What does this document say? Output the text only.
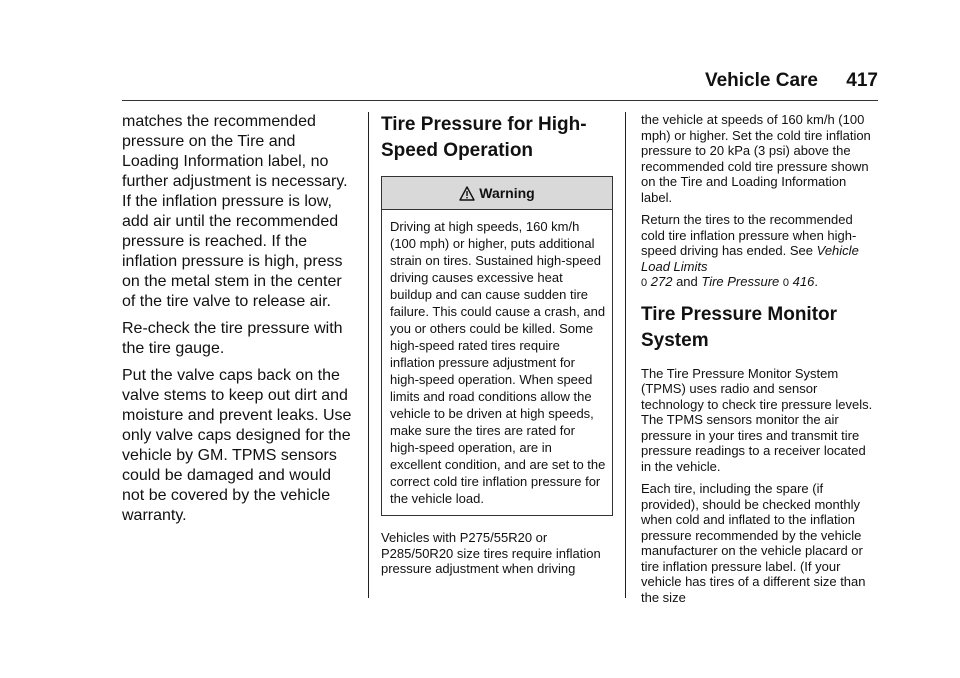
Vehicle Care 417

matches the recommended pressure on the Tire and Loading Information label, no further adjustment is necessary. If the inflation pressure is low, add air until the recommended pressure is reached. If the inflation pressure is high, press on the metal stem in the center of the tire valve to release air.

Re-check the tire pressure with the tire gauge.

Put the valve caps back on the valve stems to keep out dirt and moisture and prevent leaks. Use only valve caps designed for the vehicle by GM. TPMS sensors could be damaged and would not be covered by the vehicle warranty.

Tire Pressure for High-Speed Operation
Warning
Driving at high speeds, 160 km/h (100 mph) or higher, puts additional strain on tires. Sustained high-speed driving causes excessive heat buildup and can cause sudden tire failure. This could cause a crash, and you or others could be killed. Some high-speed rated tires require inflation pressure adjustment for high-speed operation. When speed limits and road conditions allow the vehicle to be driven at high speeds, make sure the tires are rated for high-speed operation, are in excellent condition, and are set to the correct cold tire inflation pressure for the vehicle load.

Vehicles with P275/55R20 or P285/50R20 size tires require inflation pressure adjustment when driving

the vehicle at speeds of 160 km/h (100 mph) or higher. Set the cold tire inflation pressure to 20 kPa (3 psi) above the recommended cold tire pressure shown on the Tire and Loading Information label.

Return the tires to the recommended cold tire inflation pressure when high-speed driving has ended. See Vehicle Load Limits
0 272 and Tire Pressure 0 416.

Tire Pressure Monitor System

The Tire Pressure Monitor System (TPMS) uses radio and sensor technology to check tire pressure levels. The TPMS sensors monitor the air pressure in your tires and transmit tire pressure readings to a receiver located in the vehicle.

Each tire, including the spare (if provided), should be checked monthly when cold and inflated to the inflation pressure recommended by the vehicle manufacturer on the vehicle placard or tire inflation pressure label. (If your vehicle has tires of a different size than the size
